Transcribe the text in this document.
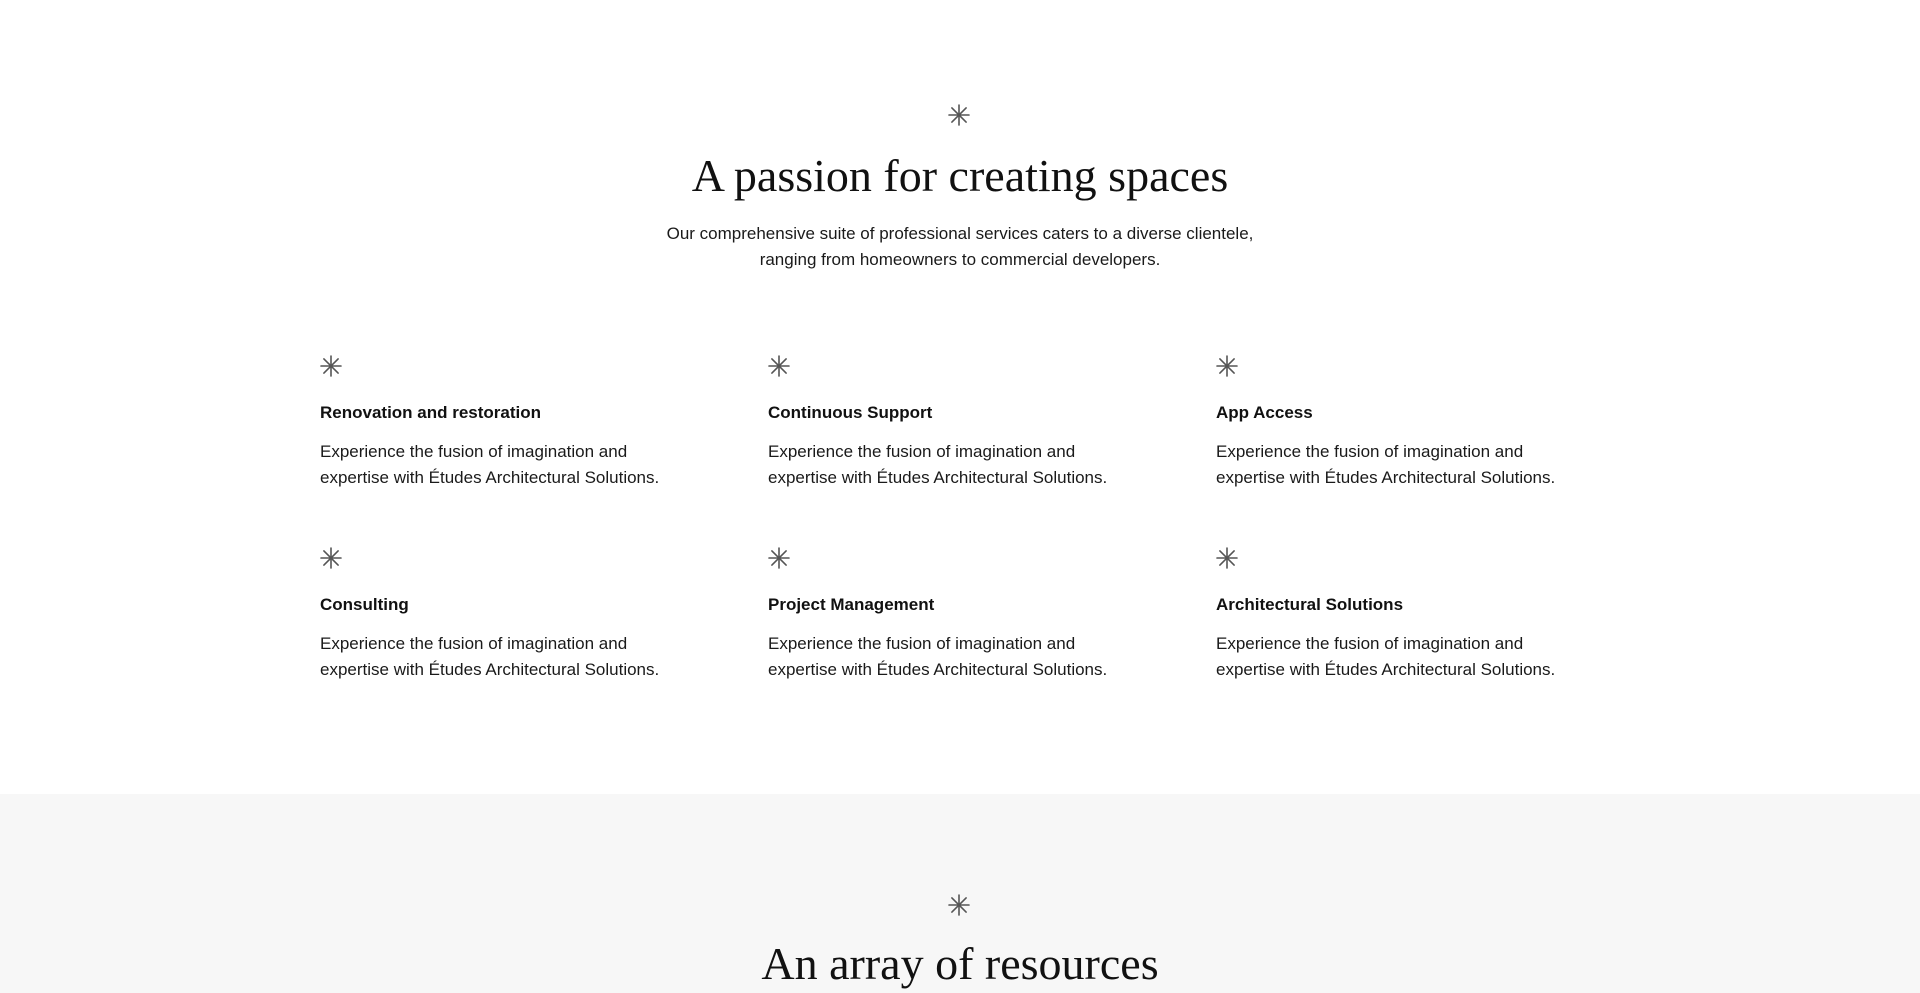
A passion for creating spaces

Our comprehensive suite of professional services caters to a diverse clientele,
ranging from homeowners to commercial developers.

Renovation and restoration

Experience the fusion of imagination and
expertise with Études Architectural Solutions.

Continuous Support

Experience the fusion of imagination and
expertise with Études Architectural Solutions.

App Access

Experience the fusion of imagination and
expertise with Études Architectural Solutions.

Consulting

Experience the fusion of imagination and
expertise with Études Architectural Solutions.

Project Management

Experience the fusion of imagination and
expertise with Études Architectural Solutions.

Architectural Solutions

Experience the fusion of imagination and
expertise with Études Architectural Solutions.

An array of resources
